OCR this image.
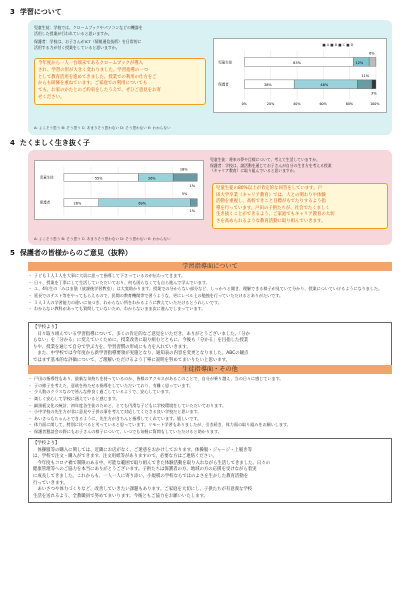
3 学習について
児童生徒：学校では、クロームブックやパソコンなどの機器を
活用した授業が行われていると思いますか。
保護者：学校は、お子さんがICT（情報通信技術）を日常的に
活用する力が付く授業をしていると思いますか。
今年度から一人一台端末であるクロームブックが導入
され、学習の形が大きく変わりました。学習指導の一つ
として教育活用を進めてきました。授業での利用の仕方をご
からも研修を重ねています。ご家庭での利用についても
ても、お家のかたとのご約束をしたうえで、ぜひご意見をお寄
せください。
■ A ■ B ■ C ■ D
児童生徒
保護者
83%	12%
6%
38%	48%
11%
3%
0%	20%	40%	60%	80%	100%
A: よくそう思う B: そう思う C: あまりそう思わない D: そう思わない E: わからない
4 たくましく生き抜く子
児童生徒
保護者
55%	26%
18%
1%
26%	69%
5%
1%
児童生徒：将来の夢や目標について、考えて生活していますか。
保護者：学校は、諸活動を通じてお子さんが自分の生き方を考える授業
（キャリア教育）に取り組んでいると思いますか。
児童生徒の80%以上が肯定的な回答をしています。戸
田大学卒業（キャリア教育）では、人との関わりや体験
活動を重視し、高校できこと目標がもてたりするよう指
導を行っています。戸田の子供たちが、社会でたくましく
生き抜くことができるよう、ご家庭でもキャリア教育の大切
さを高められるような教育活動に取り組んでいきます。
A: よくそう思う B: そう思う C: あまりそう思わない D: そう思わない E: わからない
5 保護者の皆様からのご意見（抜粋）
学習指導面について
・ 子ども１人１人を大事に大切に思って指導して下さっているのが伝わってきます。
・ 日々、授業を丁寧にして生活していただいており、何も困らなくても自ら進んで学んでいます。
・ ユ、4年生の「みはま塾（放課後学習教室）」は大変助かります。授業での分からない部分など、しっかりと聞き、理解できる様子が見ていて分かり、授業についていけるようになりました。
・ 延長でのテスト等をやってもらえるので、民間の教育機関等で習うような、更にレベル上の勉強を行っていただけるとありがたいです。
・ １人１人の学習能力の違いに気づき、わからない所をわかるように教えていただけるとうれしいです。
・ わからない教科があっても質問していないため、わからないまま次に進んでしまっています。
【学校より】
　日々取り組んでいる学習指導について、多くの肯定的なご意見をいただき、ありがとうございました。「分か
らない」を「分かる」に変えていくために、授業改善に取り組むとともに、今後も「分かる」を目指した授業
りや、授業を通じて自分で学ぶ力を、学習習慣の形成にも力を入れていきます。
　また、中学校では今年度から新学習指導要領が実施となり、通知表の内容を変更となりました。ABCの観点
ではまず基本的な評価について、ご理解いただけるよう丁寧に説明を努めてまいりたいと思います。
生徒指導面・その他
・ 戸田の指導性もあり、最新な気持ちを持っているのか、皆様のアクセスがあるこのことで、自分が乗り越え、当の日々に感じています。
・ 子の様子を考えた、意欲を持たせる指導をしていただいており、有難く思っています。
・ 少人数のクラスなので皆んな仲良く過ごしているようで、安心しています。
・ 楽しく安心して学校に通えていると感じます。
・ 細黒板文化の統計、初年度各生徒のためと、とても円滑な子どもに学校環境をしていただいております。
・ 小中学校の先生方が非に意見や子供の事を考えて対応してくださる良い学校だと思います。
・ あいさつもちゃんとできるように、先生方がきちんと指導してくれています。嬉しいです。
・ 体力面に関して、特別に比べると劣っていると思っています。リモート学習もありましたが、引き続き、体力面の取り組みをお願いします。
・ 保護者懇談会の際にもお子さんの様子について、いつでも気軽に質問もしていただけると助かります。
【学校より】
　体操服等の購入に関しては、近隣にお店がなく、ご迷惑をおかけしております。体操服・ジャージ・上履き等
は、学校で注文・購入ができます。注文用紙等がありますので、必要な方はご連絡ください。
　今年度もコロナ禍で制限のある中、可能な範囲で取り組んできた体験活動を取り入れながら生活してきました。日々の
健康管理等へのご協力を本当にありがとうございます。子供たちは保護者の方、地域の方の応援を受けながら着実
に成長してきました。これからも、一人一人に寄り添い、小規模の学校ならではのよさを生かした教育活動を
行っていきます。
　あいさつや体力づくりなど、改善していきたい課題もあります。ご家庭を大切にし、子供たちが有意義な学校
生活を送れるよう、全教職員で努めてまいります。今後ともご協力をお願いいたします。
